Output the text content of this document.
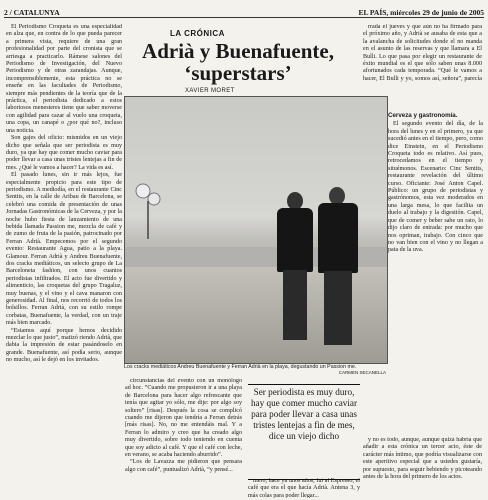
2 / CATALUNYA	EL PAÍS, miércoles 29 de junio de 2005
LA CRÓNICA
Adrià y Buenafuente, ‘superstars’
XAVIER MORET

El Periodismo Croqueta es una especialidad en alza que, en contra de lo que pueda parecer a primera vista, requiere de una gran profesionalidad por parte del cronista que se arriesga a practicarlo. Rámese salones del Periodismo de Investigación, del Nuevo Periodismo y de otras zarandajas. Aunque, incomprensiblemente, esta práctica no se enseñe en las facultades de Periodismo, siempre más pendientes de la teoría que de la práctica, el periodista dedicado a estos laboriosos menesteres tiene que saber moverse con agilidad para cazar al vuelo una croqueta, una copa, un canapé o ¿por qué no?, incluso una noticia.

Son gajes del oficio: mismidos en un viejo dicho que señala que ser periodista es muy duro, ya que hay que comer mucho caviar para poder llevar a casa unas tristes lentejas a fin de mes. ¿Qué le vamos a hacer? La vida es así.

El pasado lunes, sin ir más lejos, fue especialmente propicio para este tipo de periodismo. A mediodía, en el restaurante Cinc Sentits, en la calle de Aribau de Barcelona, se celebró una comida de presentación de unas Jornadas Gastronómicas de la Cerveza, y por la noche hubo fiesta de lanzamiento de una bebida llamada Passion me, mezcla de café y de zumo de fruta de la pasión, patrocinado por Ferran Adrià. Empecemos por el segundo evento: Restaurante Agua, patio a la playa. Glamour. Ferran Adrià y Andreu Buenafuente, dos cracks mediáticos, un selecto grupo de La Barceloneta fashion, con unos cuantos periodistas infiltrados. El acto fue divertido y alimenticio, las croquetas del grupo Tragaluz, muy buenas, y el vino y el cava manaron con generosidad. Al final, nos recorrió de todos los bolsillos. Ferran Adrià, con su estilo rompe corbatas, Buenafuente, la verdad, con un traje más bien marcado.

“Estamos aquí porque hemos decidido mezclar lo que justo”, matizó riendo Adrià, que dabia la impresión de estar pasándoselo en grande. Buenafuente, así podía serio, aunque no mucho, así le dejó en los invitados.

Los cracks mediáticos Andreu Buenafuente y Ferran Adrià en la playa, degustando un Passion me.
CARMEN SECANELLA

circunstancias del evento con un monólogo ad hoc. “Cuando me propusieron ir a una playa de Barcelona para hacer algo refrescante que tenía que agitar yo sólo, me dije: por algo soy soltero” [risas]. Después la cosa se complicó cuando me dijeron que tendría a Ferran detrás [más risas]. No, no me entendáis mal. Y a Ferran lo admiro y creo que ha creado algo muy divertido, sobre todo teniendo en cuenta que soy adicto al café. Y que el café con leche, en verano, se acaba haciendo aburrido”.

“Los de Lavazza me pidieron que pensara algo con café”, puntualizó Adrià, “y pensé...

Ser periodista es muy duro, hay que comer mucho caviar para poder llevar a casa unas tristes lentejas a fin de mes, dice un viejo dicho

mero, hace ya unos años, fui al Espresso, el café que era el que hacía Adrià. Antena 3, y más colas para poder llegar...

rrada el jueves y que aún no ha firmado para el próximo año, y Adrià se ausaba de esta que a la avalancha de solicitudes donde el no manda en el asunto de las reservas y que llamara a El Bulli. Lo que pasa por elegir un restaurante de éxito mundial es el que sólo saben unas 8.000 afortunados cada temporada. “Qué le vamos a hacer, El Bulli y yo, somos así, señora”, parecía

Cerveza y gastronomía.

El segundo evento del día, de la hora del lunes y en el primero, ya que sucedió antes en el tiempo, pero, como dice Einstein, en el Periodismo Croqueta todo es relativo. Así pues, retrocedamos en el tiempo y situémonos. Escenario: Cinc Sentits, restaurante revelación del último curso. Oficiante: José Anton Capel. Público: un grupo de periodistas y gastrónomos, esta vez moderados en una larga mesa, lo que facilita un duelo al trabajo y la digestión. Capel, que de comer y beber sabe un rato, lo dijo claro de entrada: por mucho que nos opriman, trabajo. Con cinco que no van bien con el vino y no llegan a pata de la uva.

y no es todo, aunque, aunque quizá habría que añadir a esta crónica un tercer acto, éste de carácter más íntimo, que podría visualizarse con este aperitivo especial que a ustedes gustaría, por supuesto, para seguir bebiendo y picoteando antes de la hora del primero de los actos.
